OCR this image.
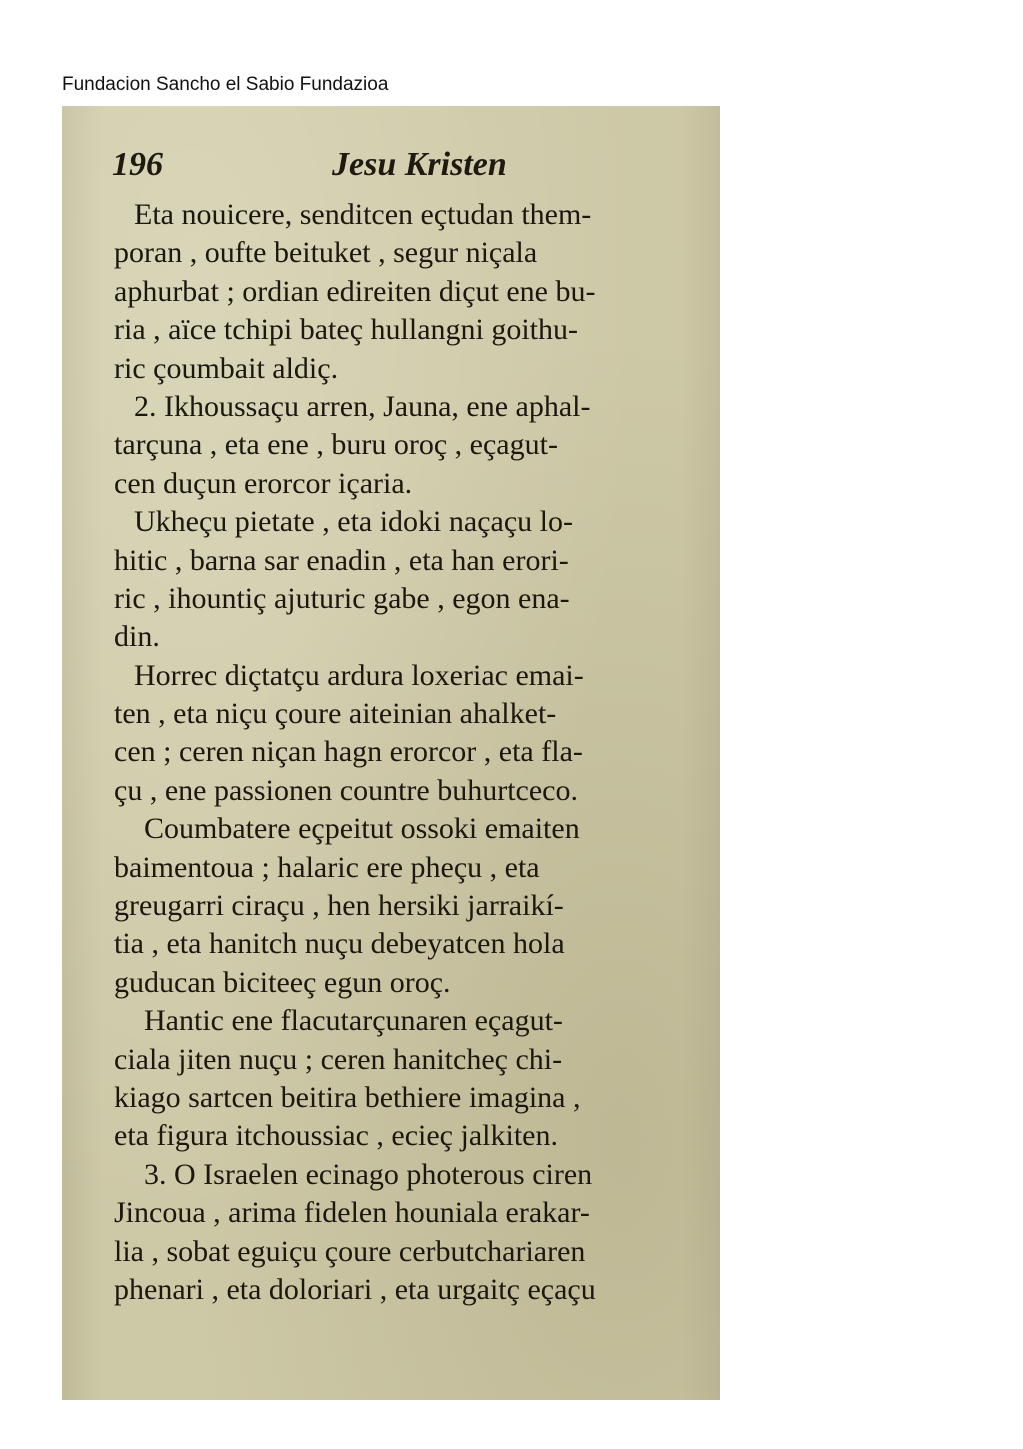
Fundacion Sancho el Sabio Fundazioa
196	Jesu Kristen
Eta nouicere, senditcen eçtudan them-
poran , oufte beituket , segur niçala
aphurbat ; ordian edireiten diçut ene bu-
ria , aïce tchipi bateç hullangni goithu-
ric çoumbait aldiç.
2. Ikhoussaçu arren, Jauna, ene aphal-
tarçuna , eta ene , buru oroç , eçagut-
cen duçun erorcor içaria.
Ukheçu pietate , eta idoki naçaçu lo-
hitic , barna sar enadin , eta han erori-
ric , ihountiç ajuturic gabe , egon ena-
din.
Horrec diçtatçu ardura loxeriac emai-
ten , eta niçu çoure aiteinian ahalket-
cen ; ceren niçan hagn erorcor , eta fla-
çu , ene passionen countre buhurtceco.
Coumbatere eçpeitut ossoki emaiten
baimentoua ; halaric ere pheçu , eta
greugarri ciraçu , hen hersiki jarraikí-
tia , eta hanitch nuçu debeyatcen hola
guducan biciteeç egun oroç.
Hantic ene flacutarçunaren eçagut-
ciala jiten nuçu ; ceren hanitcheç chi-
kiago sartcen beitira bethiere imagina ,
eta figura itchoussiac , ecieç jalkiten.
3. O Israelen ecinago photerous ciren
Jincoua , arima fidelen houniala erakar-
lia , sobat eguiçu çoure cerbutchariaren
phenari , eta doloriari , eta urgaitç eçaçu
